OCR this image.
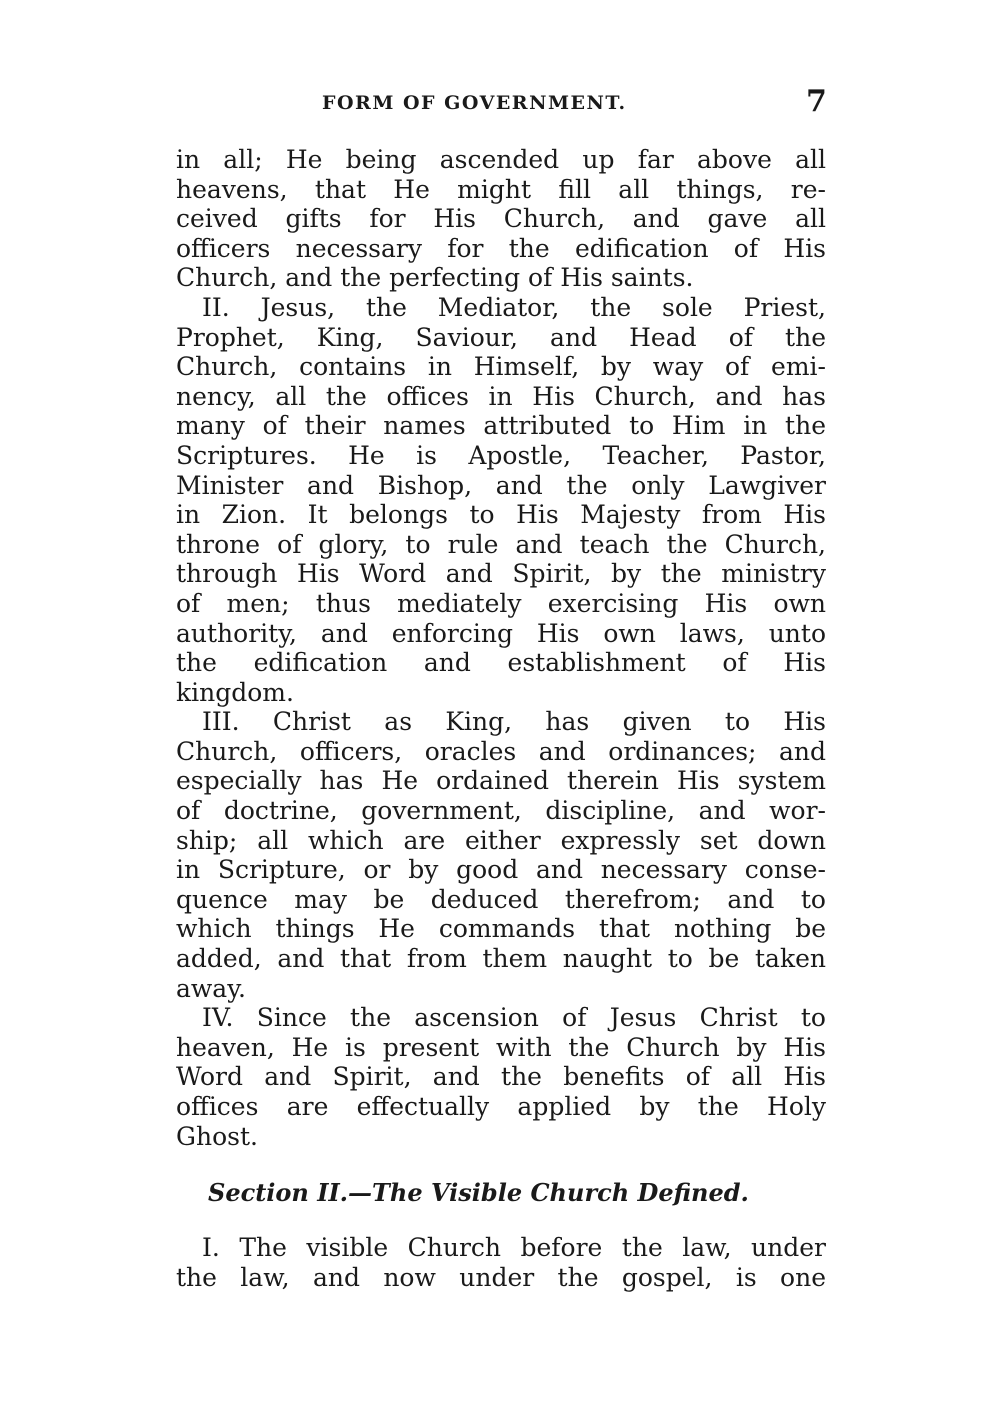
FORM OF GOVERNMENT.	7
in all; He being ascended up far above all
heavens, that He might fill all things, re-
ceived gifts for His Church, and gave all
officers necessary for the edification of His
Church, and the perfecting of His saints.
II. Jesus, the Mediator, the sole Priest,
Prophet, King, Saviour, and Head of the
Church, contains in Himself, by way of emi-
nency, all the offices in His Church, and has
many of their names attributed to Him in the
Scriptures. He is Apostle, Teacher, Pastor,
Minister and Bishop, and the only Lawgiver
in Zion. It belongs to His Majesty from His
throne of glory, to rule and teach the Church,
through His Word and Spirit, by the ministry
of men; thus mediately exercising His own
authority, and enforcing His own laws, unto
the edification and establishment of His
kingdom.
III. Christ as King, has given to His
Church, officers, oracles and ordinances; and
especially has He ordained therein His system
of doctrine, government, discipline, and wor-
ship; all which are either expressly set down
in Scripture, or by good and necessary conse-
quence may be deduced therefrom; and to
which things He commands that nothing be
added, and that from them naught to be taken
away.
IV. Since the ascension of Jesus Christ to
heaven, He is present with the Church by His
Word and Spirit, and the benefits of all His
offices are effectually applied by the Holy
Ghost.
Section II.—The Visible Church Defined.
I. The visible Church before the law, under
the law, and now under the gospel, is one
